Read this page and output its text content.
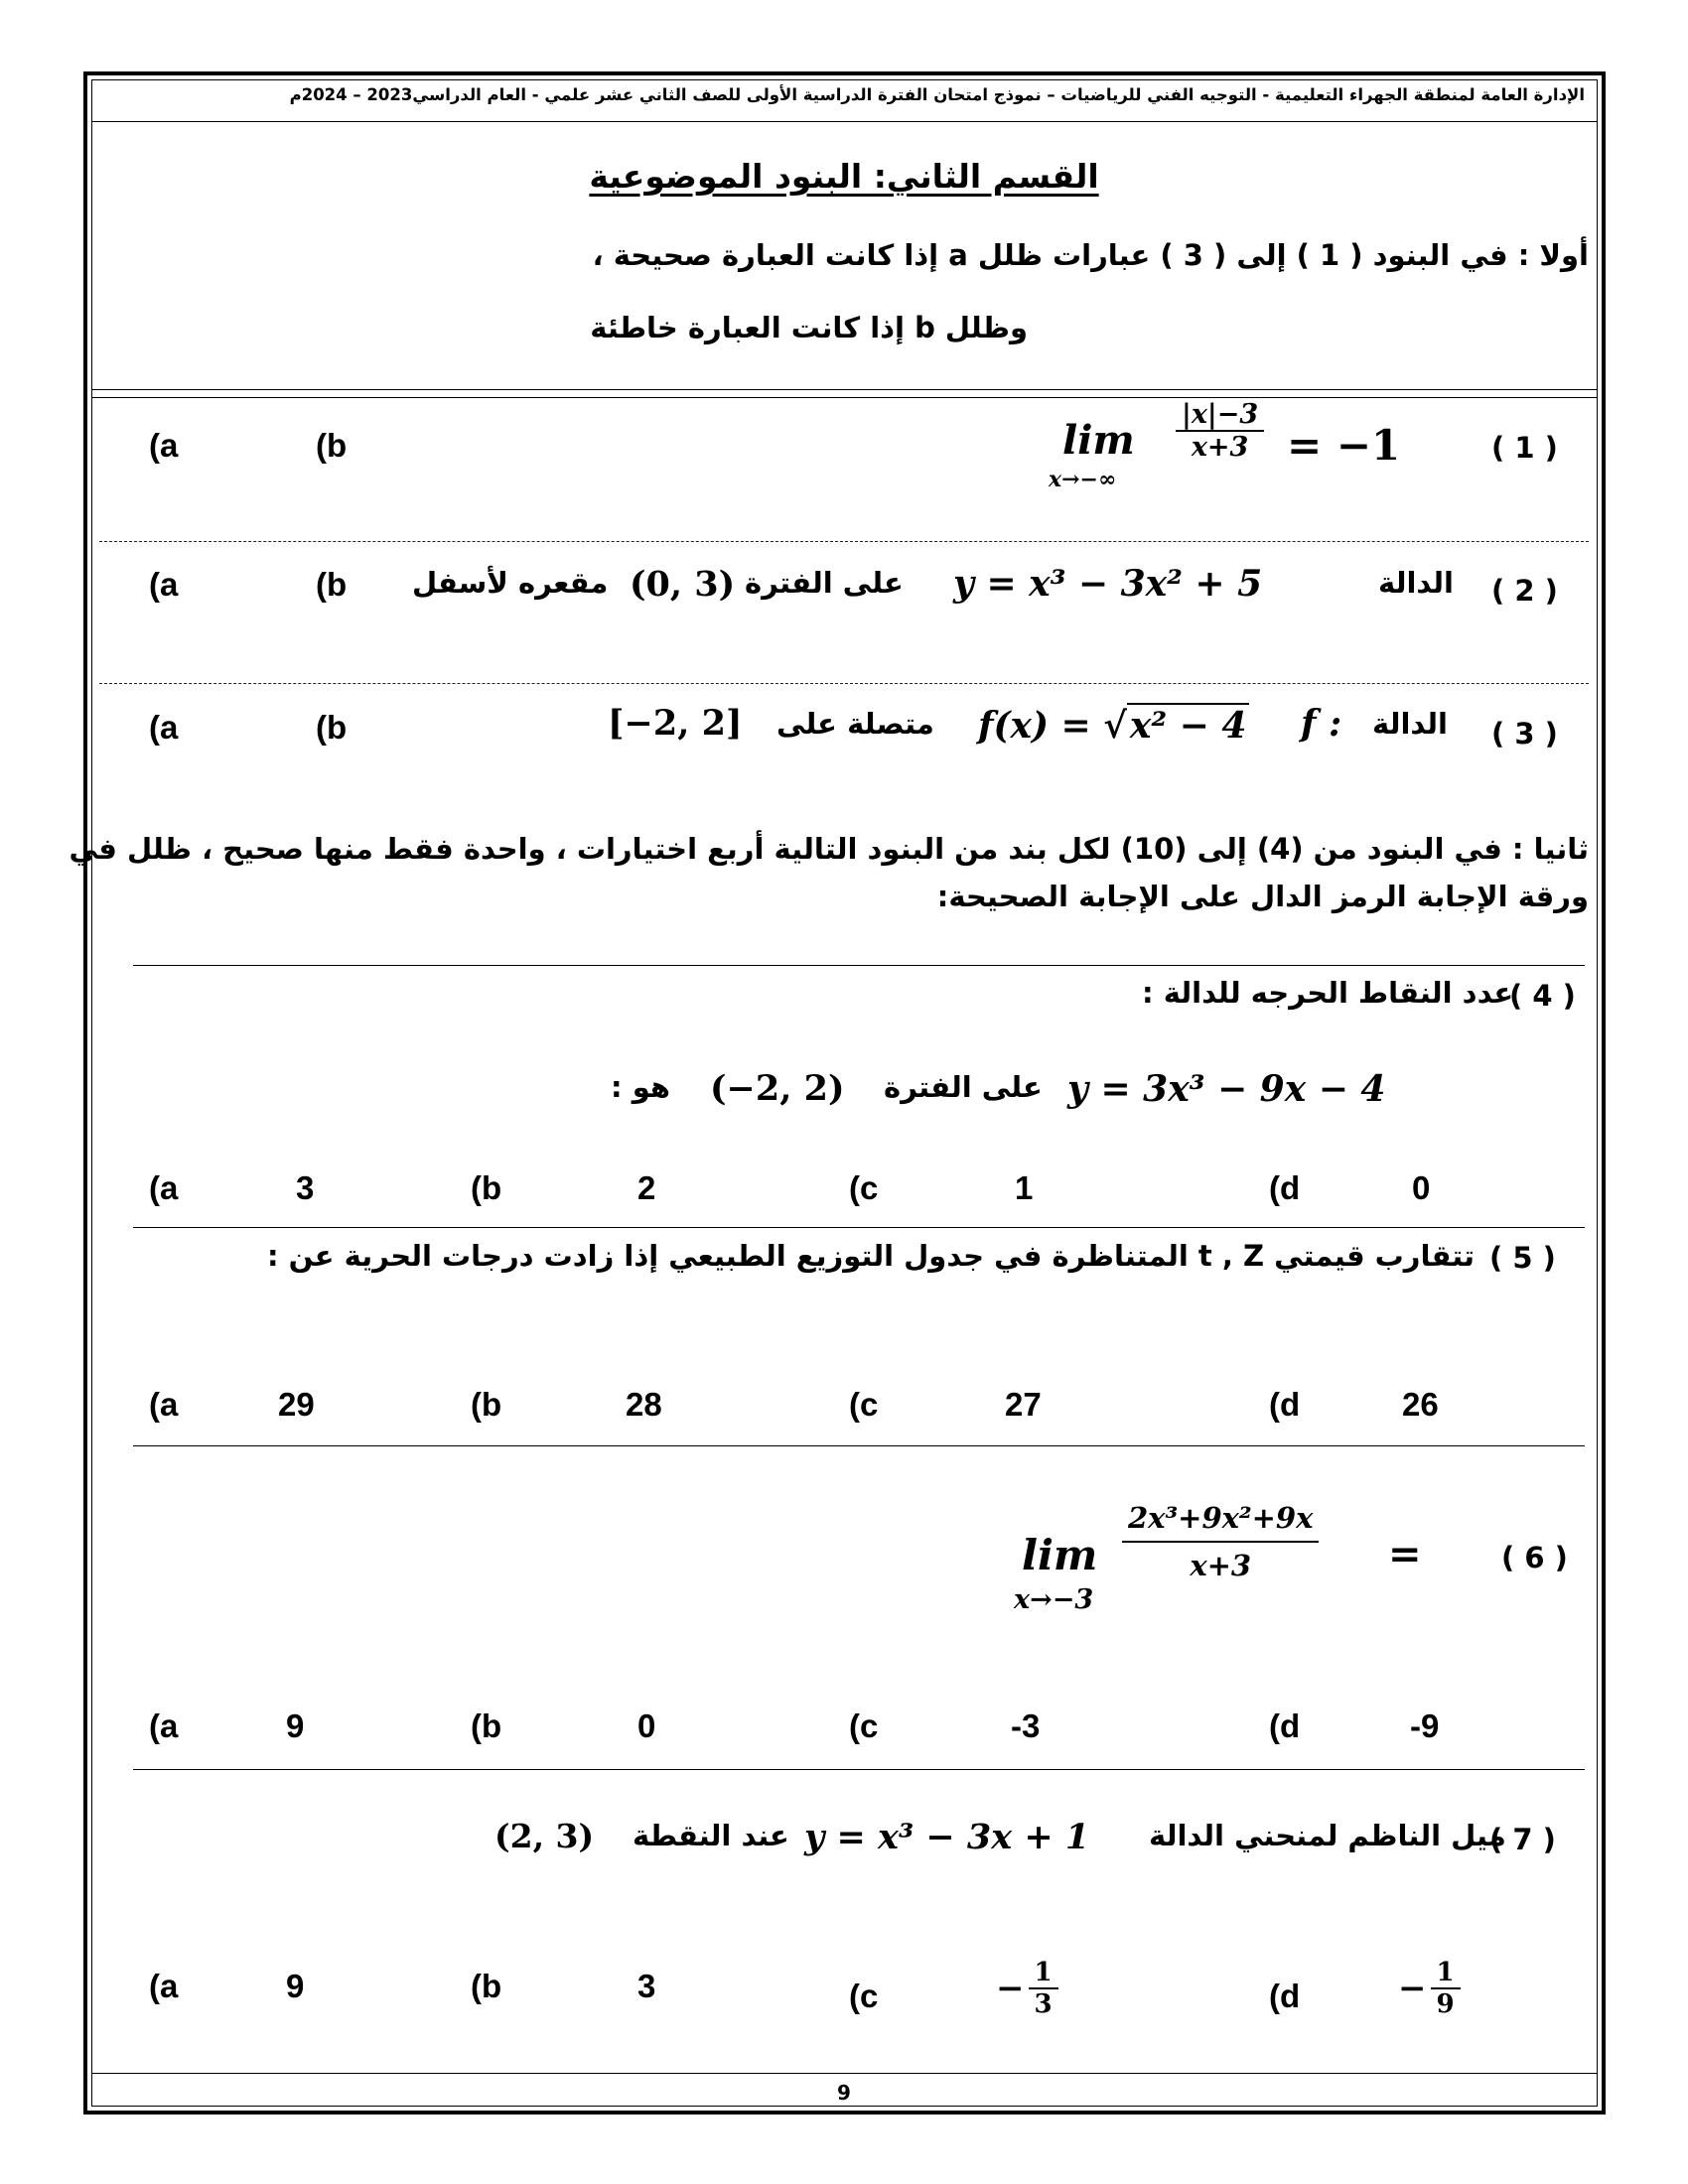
الإدارة العامة لمنطقة الجهراء التعليمية - التوجيه الفني للرياضيات – نموذج امتحان الفترة الدراسية الأولى للصف الثاني عشر علمي - العام الدراسي2023 – 2024م
القسم الثاني: البنود الموضوعية
أولا : في البنود ( 1 ) إلى ( 3 ) عبارات ظلل a إذا كانت العبارة صحيحة ،
وظلل b إذا كانت العبارة خاطئة
( 1 )
lim
x→−∞
$\frac{|x|-3}{x+3} = -1$
(a	(b
( 2 )
الدالة
y = x³ − 3x² + 5
على الفترة
(0, 3)
مقعره لأسفل
(a	(b
( 3 )
الدالة
f :
f(x) = √x² − 4
متصلة على
[−2, 2]
(a	(b
ثانيا : في البنود من (4) إلى (10) لكل بند من البنود التالية أربع اختيارات ، واحدة فقط منها صحيح ، ظلل في
ورقة الإجابة الرمز الدال على الإجابة الصحيحة:
( 4 )
عدد النقاط الحرجه للدالة :
y = 3x³ − 9x − 4
على الفترة
(−2, 2)
هو :
(a	3	(b	2	(c	1	(d	0
( 5 )
تتقارب قيمتي t , Z المتناظرة في جدول التوزيع الطبيعي إذا زادت درجات الحرية عن :
(a	29	(b	28	(c	27	(d	26
( 6 )
lim
x→−3
$\frac{\text{2x³+9x²+9x}}{x+3}$ =
(a	9	(b	0	(c	-3	(d	-9
( 7 )
ميل الناظم لمنحني الدالة
y = x³ − 3x + 1
عند النقطة
(2, 3)
(a	9	(b	3	(c	− $\frac{1}{3}$	(d	− $\frac{1}{9}$
9
